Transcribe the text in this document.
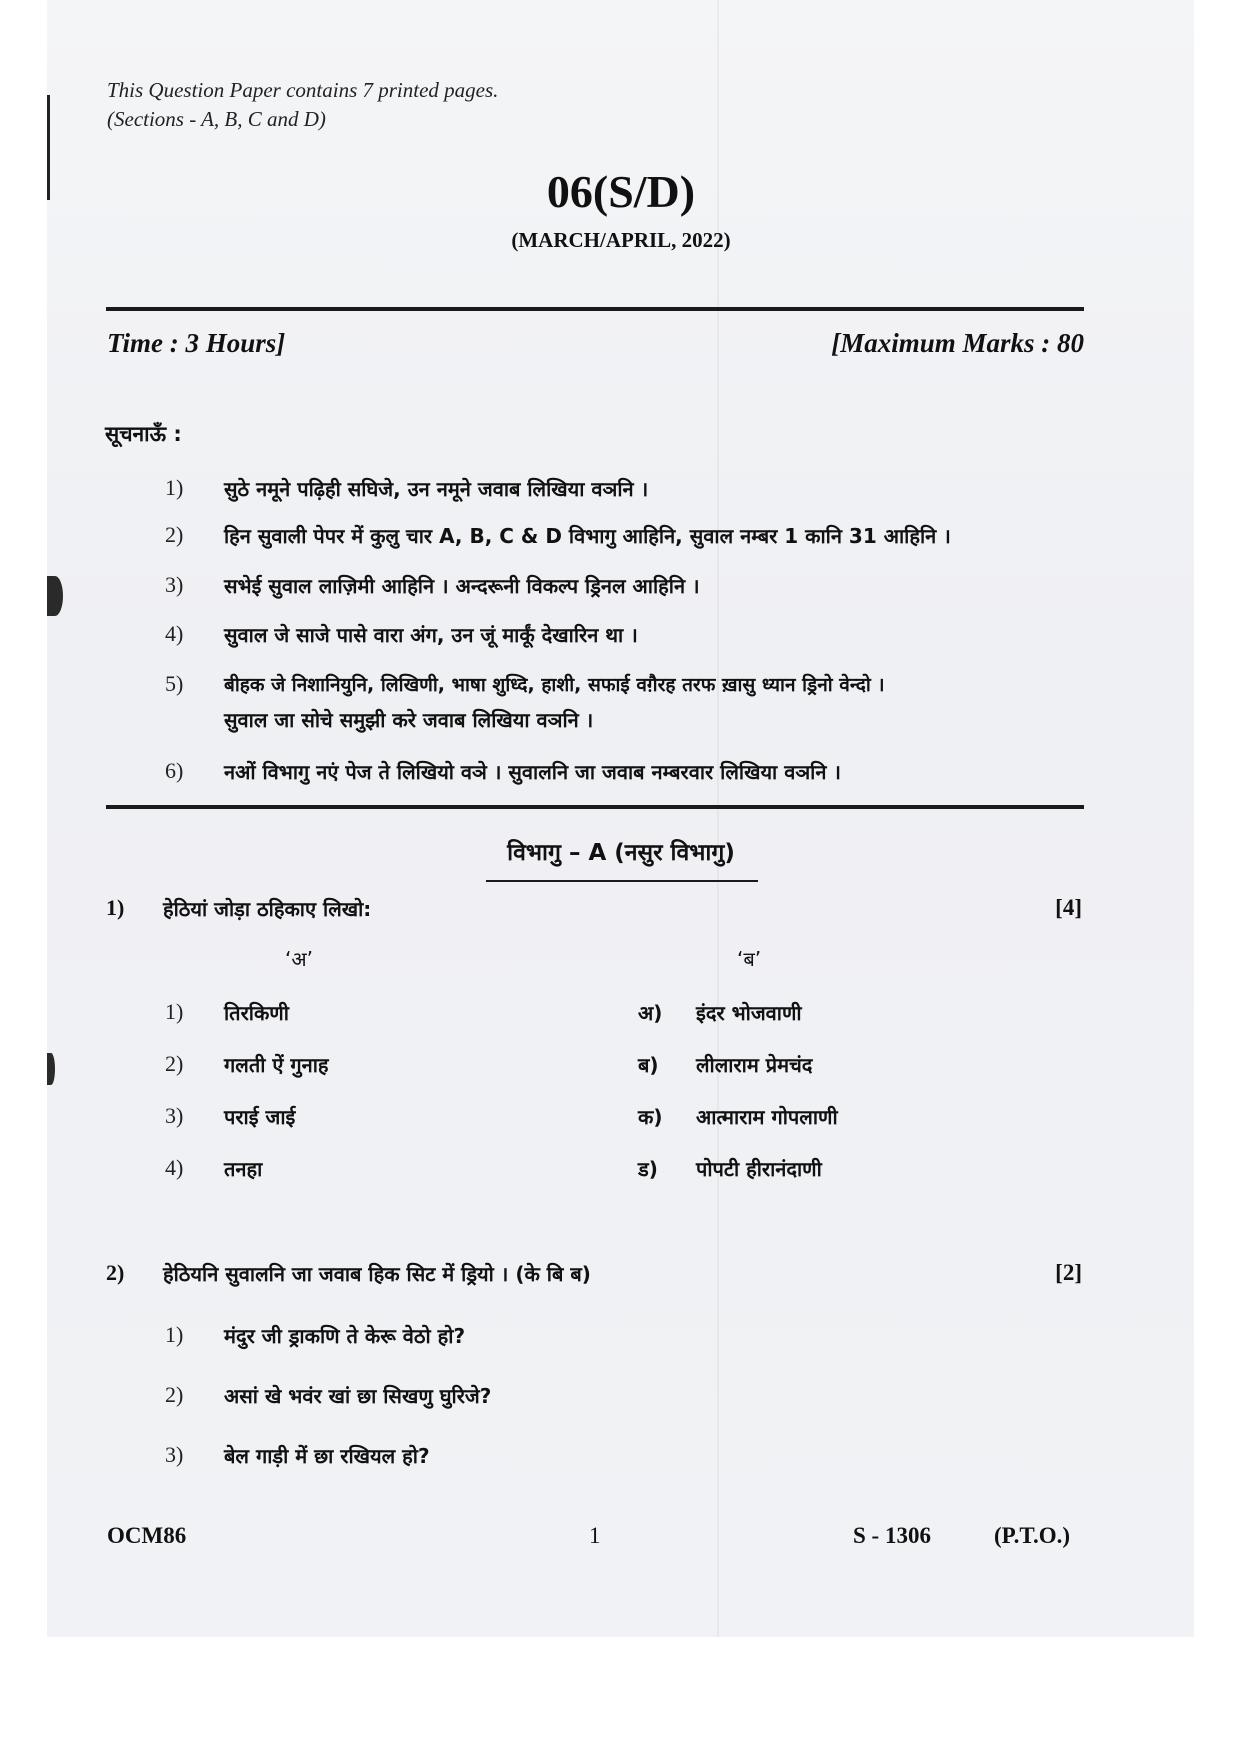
This Question Paper contains 7 printed pages.
(Sections - A, B, C and D)
06(S/D)
(MARCH/APRIL, 2022)
Time : 3 Hours]	[Maximum Marks : 80
सूचनाऊँ :
1) सुठे नमूने पढ़िही सघिजे, उन नमूने जवाब लिखिया वञनि ।
2) हिन सुवाली पेपर में कुलु चार A, B, C & D विभागु आहिनि, सुवाल नम्बर 1 कानि 31 आहिनि ।
3) सभेई सुवाल लाज़िमी आहिनि । अन्दरूनी विकल्प ड्रिनल आहिनि ।
4) सुवाल जे साजे पासे वारा अंग, उन जूं मार्कूं देखारिन था ।
5) बीहक जे निशानियुनि, लिखिणी, भाषा शुध्दि, हाशी, सफाई वग़ैरह तरफ ख़ासु ध्यान ड्रिनो वेन्दो ।
सुवाल जा सोचे समुझी करे जवाब लिखिया वञनि ।
6) नओं विभागु नएं पेज ते लिखियो वञे । सुवालनि जा जवाब नम्बरवार लिखिया वञनि ।
विभागु – A (नसुर विभागु)
1) हेठियां जोड़ा ठहिकाए लिखो:	[4]
‘अ’	‘ब’
1) तिरकिणी	अ) इंदर भोजवाणी
2) गलती ऐं गुनाह	ब) लीलाराम प्रेमचंद
3) पराई जाई	क) आत्माराम गोपलाणी
4) तनहा	ड) पोपटी हीरानंदाणी
2) हेठियनि सुवालनि जा जवाब हिक सिट में ड्रियो । (के बि ब)	[2]
1) मंदुर जी ड्राकणि ते केरू वेठो हो?
2) असां खे भवंर खां छा सिखणु घुरिजे?
3) बेल गाड़ी में छा रखियल हो?
OCM86	1	S - 1306	(P.T.O.)
